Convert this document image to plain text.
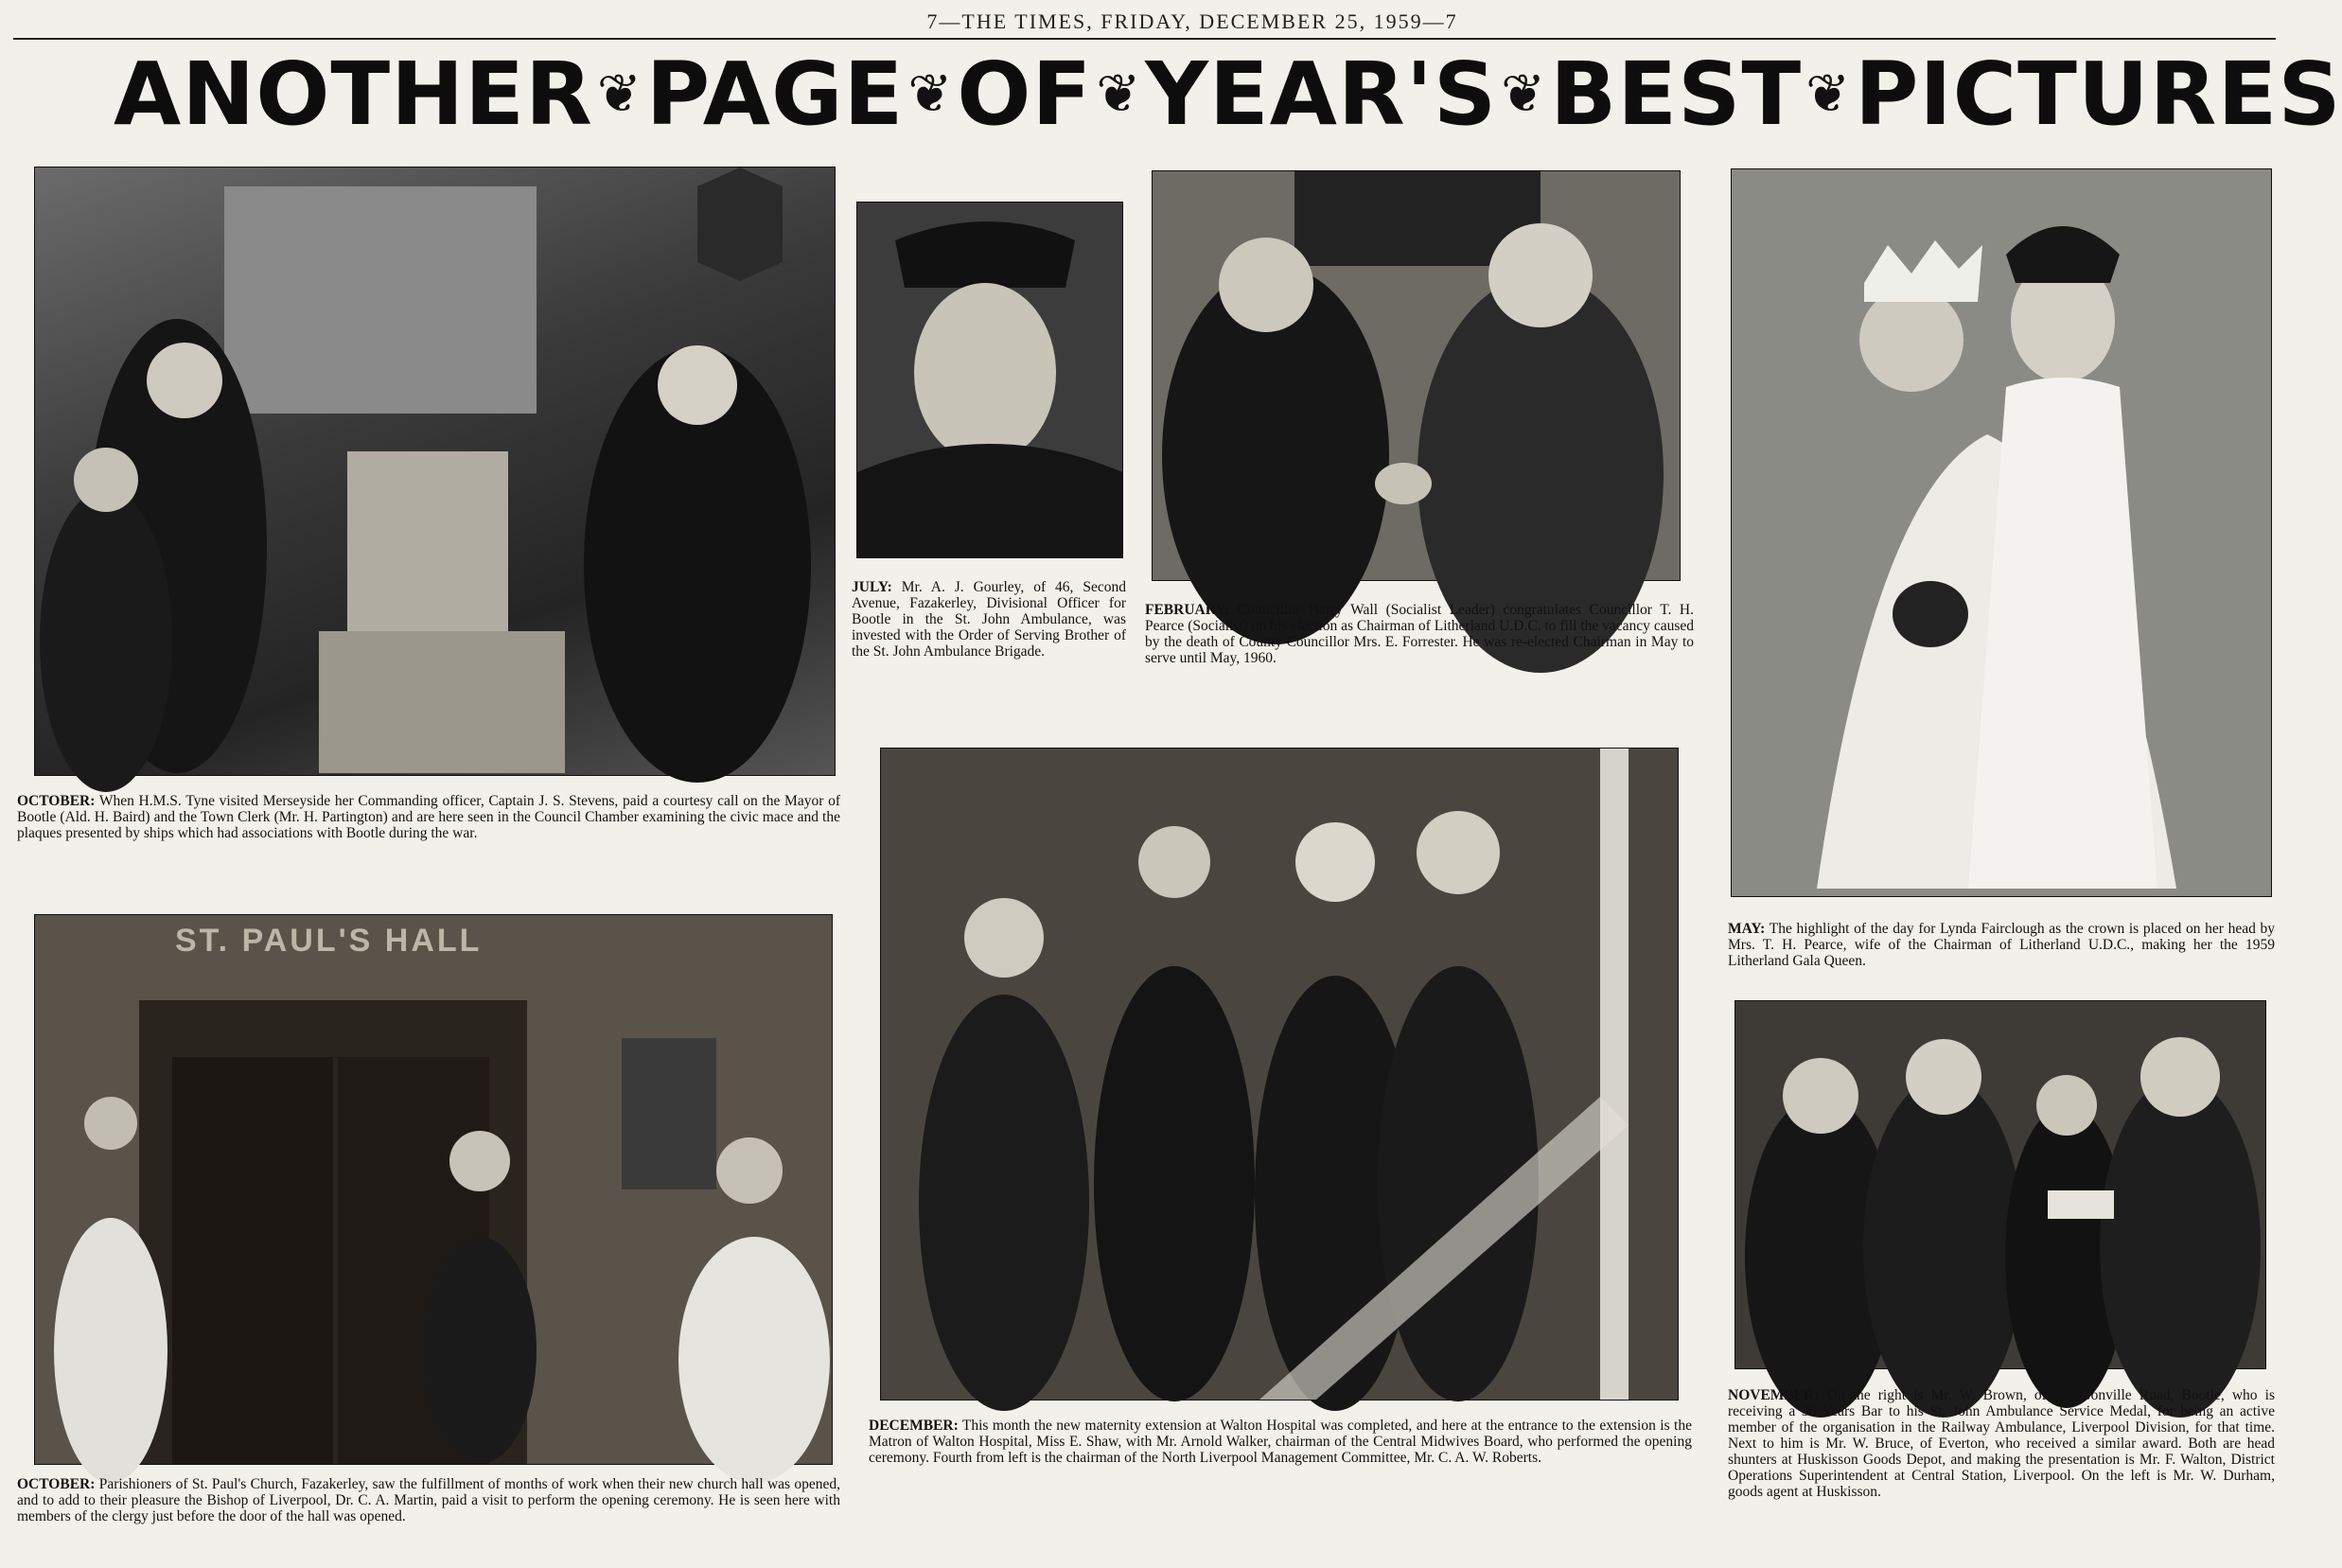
7—THE TIMES, FRIDAY, DECEMBER 25, 1959—7
ANOTHER ❦ PAGE ❦ OF ❦ YEAR'S ❦ BEST ❦ PICTURES
OCTOBER: When H.M.S. Tyne visited Merseyside her Commanding officer, Captain J. S. Stevens, paid a courtesy call on the Mayor of Bootle (Ald. H. Baird) and the Town Clerk (Mr. H. Partington) and are here seen in the Council Chamber examining the civic mace and the plaques presented by ships which had associations with Bootle during the war.
JULY: Mr. A. J. Gourley, of 46, Second Avenue, Fazakerley, Divisional Officer for Bootle in the St. John Ambulance, was invested with the Order of Serving Brother of the St. John Ambulance Brigade.
FEBRUARY: Councillor Harry Wall (Socialist Leader) congratulates Councillor T. H. Pearce (Socialist) on his election as Chairman of Litherland U.D.C. to fill the vacancy caused by the death of County Councillor Mrs. E. Forrester. He was re-elected Chairman in May to serve until May, 1960.
MAY: The highlight of the day for Lynda Fairclough as the crown is placed on her head by Mrs. T. H. Pearce, wife of the Chairman of Litherland U.D.C., making her the 1959 Litherland Gala Queen.
ST. PAUL'S HALL
OCTOBER: Parishioners of St. Paul's Church, Fazakerley, saw the fulfillment of months of work when their new church hall was opened, and to add to their pleasure the Bishop of Liverpool, Dr. C. A. Martin, paid a visit to perform the opening ceremony. He is seen here with members of the clergy just before the door of the hall was opened.
DECEMBER: This month the new maternity extension at Walton Hospital was completed, and here at the entrance to the extension is the Matron of Walton Hospital, Miss E. Shaw, with Mr. Arnold Walker, chairman of the Central Midwives Board, who performed the opening ceremony. Fourth from left is the chairman of the North Liverpool Management Committee, Mr. C. A. W. Roberts.
NOVEMBER: On the right is Mr. W. Brown, of 35, Gonville Road, Bootle, who is receiving a 30 Years Bar to his St. John Ambulance Service Medal, for being an active member of the organisation in the Railway Ambulance, Liverpool Division, for that time. Next to him is Mr. W. Bruce, of Everton, who received a similar award. Both are head shunters at Huskisson Goods Depot, and making the presentation is Mr. F. Walton, District Operations Superintendent at Central Station, Liverpool. On the left is Mr. W. Durham, goods agent at Huskisson.
